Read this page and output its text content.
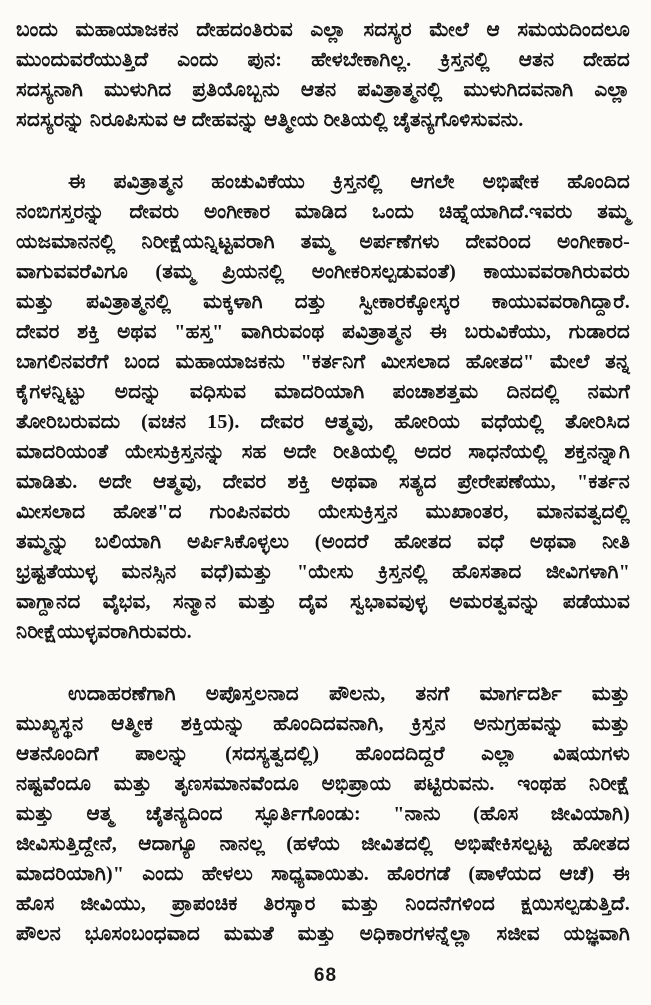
ಬಂದು ಮಹಾಯಾಜಕನ ದೇಹದಂತಿರುವ ಎಲ್ಲಾ ಸದಸ್ಯರ ಮೇಲೆ ಆ ಸಮಯದಿಂದಲೂ
ಮುಂದುವರೆಯುತ್ತಿದೆ ಎಂದು ಪುನ: ಹೇಳಬೇಕಾಗಿಲ್ಲ. ಕ್ರಿಸ್ತನಲ್ಲಿ ಆತನ ದೇಹದ
ಸದಸ್ಯನಾಗಿ ಮುಳುಗಿದ ಪ್ರತಿಯೊಬ್ಬನು ಆತನ ಪವಿತ್ರಾತ್ಮನಲ್ಲಿ ಮುಳುಗಿದವನಾಗಿ ಎಲ್ಲಾ
ಸದಸ್ಯರನ್ನು ನಿರೂಪಿಸುವ ಆ ದೇಹವನ್ನು ಆತ್ಮೀಯ ರೀತಿಯಲ್ಲಿ ಚೈತನ್ಯಗೊಳಿಸುವನು.

ಈ ಪವಿತ್ರಾತ್ಮನ ಹಂಚುವಿಕೆಯು ಕ್ರಿಸ್ತನಲ್ಲಿ ಆಗಲೇ ಅಭಿಷೇಕ ಹೊಂದಿದ
ನಂಬಿಗಸ್ತರನ್ನು ದೇವರು ಅಂಗೀಕಾರ ಮಾಡಿದ ಒಂದು ಚಿಹ್ನೆಯಾಗಿದೆ.ಇವರು ತಮ್ಮ
ಯಜಮಾನನಲ್ಲಿ ನಿರೀಕ್ಷೆಯನ್ನಿಟ್ಟವರಾಗಿ ತಮ್ಮ ಅರ್ಪಣೆಗಳು ದೇವರಿಂದ ಅಂಗೀಕಾರ-
ವಾಗುವವರೆವಿಗೂ (ತಮ್ಮ ಪ್ರಿಯನಲ್ಲಿ ಅಂಗೀಕರಿಸಲ್ಪಡುವಂತೆ) ಕಾಯುವವರಾಗಿರುವರು
ಮತ್ತು ಪವಿತ್ರಾತ್ಮನಲ್ಲಿ ಮಕ್ಕಳಾಗಿ ದತ್ತು ಸ್ವೀಕಾರಕ್ಕೋಸ್ಕರ ಕಾಯುವವರಾಗಿದ್ದಾರೆ.
ದೇವರ ಶಕ್ತಿ ಅಥವ "ಹಸ್ತ" ವಾಗಿರುವಂಥ ಪವಿತ್ರಾತ್ಮನ ಈ ಬರುವಿಕೆಯು, ಗುಡಾರದ
ಬಾಗಲಿನವರೆಗೆ ಬಂದ ಮಹಾಯಾಜಕನು "ಕರ್ತನಿಗೆ ಮೀಸಲಾದ ಹೋತದ" ಮೇಲೆ ತನ್ನ
ಕೈಗಳನ್ನಿಟ್ಟು ಅದನ್ನು ವಧಿಸುವ ಮಾದರಿಯಾಗಿ ಪಂಚಾಶತ್ತಮ ದಿನದಲ್ಲಿ ನಮಗೆ
ತೋರಿಬರುವದು (ವಚನ 15). ದೇವರ ಆತ್ಮವು, ಹೋರಿಯ ವಧೆಯಲ್ಲಿ ತೋರಿಸಿದ
ಮಾದರಿಯಂತೆ ಯೇಸುಕ್ರಿಸ್ತನನ್ನು ಸಹ ಅದೇ ರೀತಿಯಲ್ಲಿ ಅದರ ಸಾಧನೆಯಲ್ಲಿ ಶಕ್ತನನ್ನಾಗಿ
ಮಾಡಿತು. ಅದೇ ಆತ್ಮವು, ದೇವರ ಶಕ್ತಿ ಅಥವಾ ಸತ್ಯದ ಪ್ರೇರೇಪಣೆಯು, "ಕರ್ತನ
ಮೀಸಲಾದ ಹೋತ"ದ ಗುಂಪಿನವರು ಯೇಸುಕ್ರಿಸ್ತನ ಮುಖಾಂತರ, ಮಾನವತ್ವದಲ್ಲಿ
ತಮ್ಮನ್ನು ಬಲಿಯಾಗಿ ಅರ್ಪಿಸಿಕೊಳ್ಳಲು (ಅಂದರೆ ಹೋತದ ವಧೆ ಅಥವಾ ನೀತಿ
ಭ್ರಷ್ಟತೆಯುಳ್ಳ ಮನಸ್ಸಿನ ವಧೆ)ಮತ್ತು "ಯೇಸು ಕ್ರಿಸ್ತನಲ್ಲಿ ಹೊಸತಾದ ಜೀವಿಗಳಾಗಿ"
ವಾಗ್ದಾನದ ವೈಭವ, ಸನ್ಮಾನ ಮತ್ತು ದೈವ ಸ್ವಭಾವವುಳ್ಳ ಅಮರತ್ವವನ್ನು ಪಡೆಯುವ
ನಿರೀಕ್ಷೆಯುಳ್ಳವರಾಗಿರುವರು.

ಉದಾಹರಣೆಗಾಗಿ ಅಪೊಸ್ತಲನಾದ ಪೌಲನು, ತನಗೆ ಮಾರ್ಗದರ್ಶಿ ಮತ್ತು
ಮುಖ್ಯಸ್ಥನ ಆತ್ಮೀಕ ಶಕ್ತಿಯನ್ನು ಹೊಂದಿದವನಾಗಿ, ಕ್ರಿಸ್ತನ ಅನುಗ್ರಹವನ್ನು ಮತ್ತು
ಆತನೊಂದಿಗೆ ಪಾಲನ್ನು (ಸದಸ್ಯತ್ವದಲ್ಲಿ) ಹೊಂದದಿದ್ದರೆ ಎಲ್ಲಾ ವಿಷಯಗಳು
ನಷ್ಟವೆಂದೂ ಮತ್ತು ತೃಣಸಮಾನವೆಂದೂ ಅಭಿಪ್ರಾಯ ಪಟ್ಟಿರುವನು. ಇಂಥಹ ನಿರೀಕ್ಷೆ
ಮತ್ತು ಆತ್ಮ ಚೈತನ್ಯದಿಂದ ಸ್ಫೂರ್ತಿಗೊಂಡು: "ನಾನು (ಹೊಸ ಜೀವಿಯಾಗಿ)
ಜೀವಿಸುತ್ತಿದ್ದೇನೆ, ಆದಾಗ್ಯೂ ನಾನಲ್ಲ (ಹಳೆಯ ಜೀವಿತದಲ್ಲಿ ಅಭಿಷೇಕಿಸಲ್ಪಟ್ಟ ಹೋತದ
ಮಾದರಿಯಾಗಿ)" ಎಂದು ಹೇಳಲು ಸಾಧ್ಯವಾಯಿತು. ಹೊರಗಡೆ (ಪಾಳೆಯದ ಆಚೆ) ಈ
ಹೊಸ ಜೀವಿಯು, ಪ್ರಾಪಂಚಿಕ ತಿರಸ್ಕಾರ ಮತ್ತು ನಿಂದನೆಗಳಿಂದ ಕ್ಷಯಿಸಲ್ಪಡುತ್ತಿದೆ.
ಪೌಲನ ಭೂಸಂಬಂಧವಾದ ಮಮತೆ ಮತ್ತು ಅಧಿಕಾರಗಳನ್ನೆಲ್ಲಾ ಸಜೀವ ಯಜ್ಞವಾಗಿ

68
